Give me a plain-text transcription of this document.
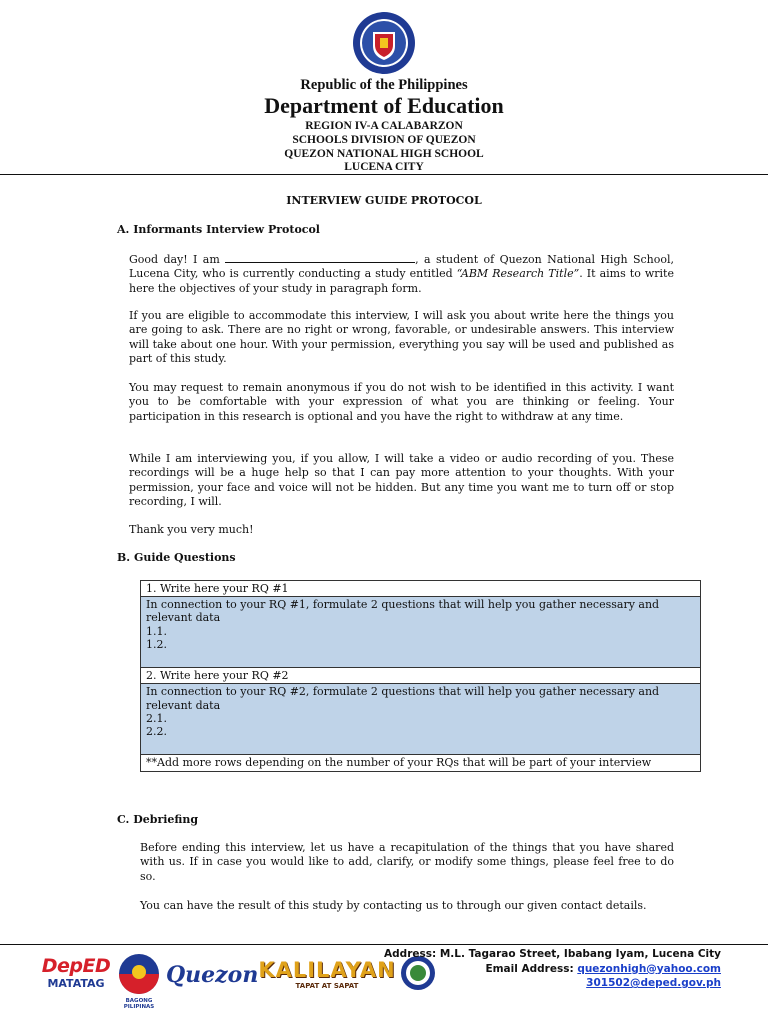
Republic of the Philippines
Department of Education
REGION IV-A CALABARZON
SCHOOLS DIVISION OF QUEZON
QUEZON NATIONAL HIGH SCHOOL
LUCENA CITY
INTERVIEW GUIDE PROTOCOL
A. Informants Interview Protocol
Good day! I am	, a student of Quezon National High School, Lucena City, who is currently conducting a study entitled “ABM Research Title”. It aims to write here the objectives of your study in paragraph form.
If you are eligible to accommodate this interview, I will ask you about write here the things you are going to ask. There are no right or wrong, favorable, or undesirable answers. This interview will take about one hour. With your permission, everything you say will be used and published as part of this study.
You may request to remain anonymous if you do not wish to be identified in this activity. I want you to be comfortable with your expression of what you are thinking or feeling. Your participation in this research is optional and you have the right to withdraw at any time.
While I am interviewing you, if you allow, I will take a video or audio recording of you. These recordings will be a huge help so that I can pay more attention to your thoughts. With your permission, your face and voice will not be hidden. But any time you want me to turn off or stop recording, I will.
Thank you very much!
B. Guide Questions
1. Write here your RQ #1

In connection to your RQ #1, formulate 2 questions that will help you gather necessary and relevant data
1.1.
1.2.

2. Write here your RQ #2

In connection to your RQ #2, formulate 2 questions that will help you gather necessary and relevant data
2.1.
2.2.

**Add more rows depending on the number of your RQs that will be part of your interview
C. Debriefing
Before ending this interview, let us have a recapitulation of the things that you have shared with us. If in case you would like to add, clarify, or modify some things, please feel free to do so.
You can have the result of this study by contacting us to through our given contact details.
DepED
MATATAG
BAGONG PILIPINAS
Quezon KALILAYAN
TAPAT AT SAPAT
Address: M.L. Tagarao Street, Ibabang Iyam, Lucena City
Email Address: quezonhigh@yahoo.com
301502@deped.gov.ph
